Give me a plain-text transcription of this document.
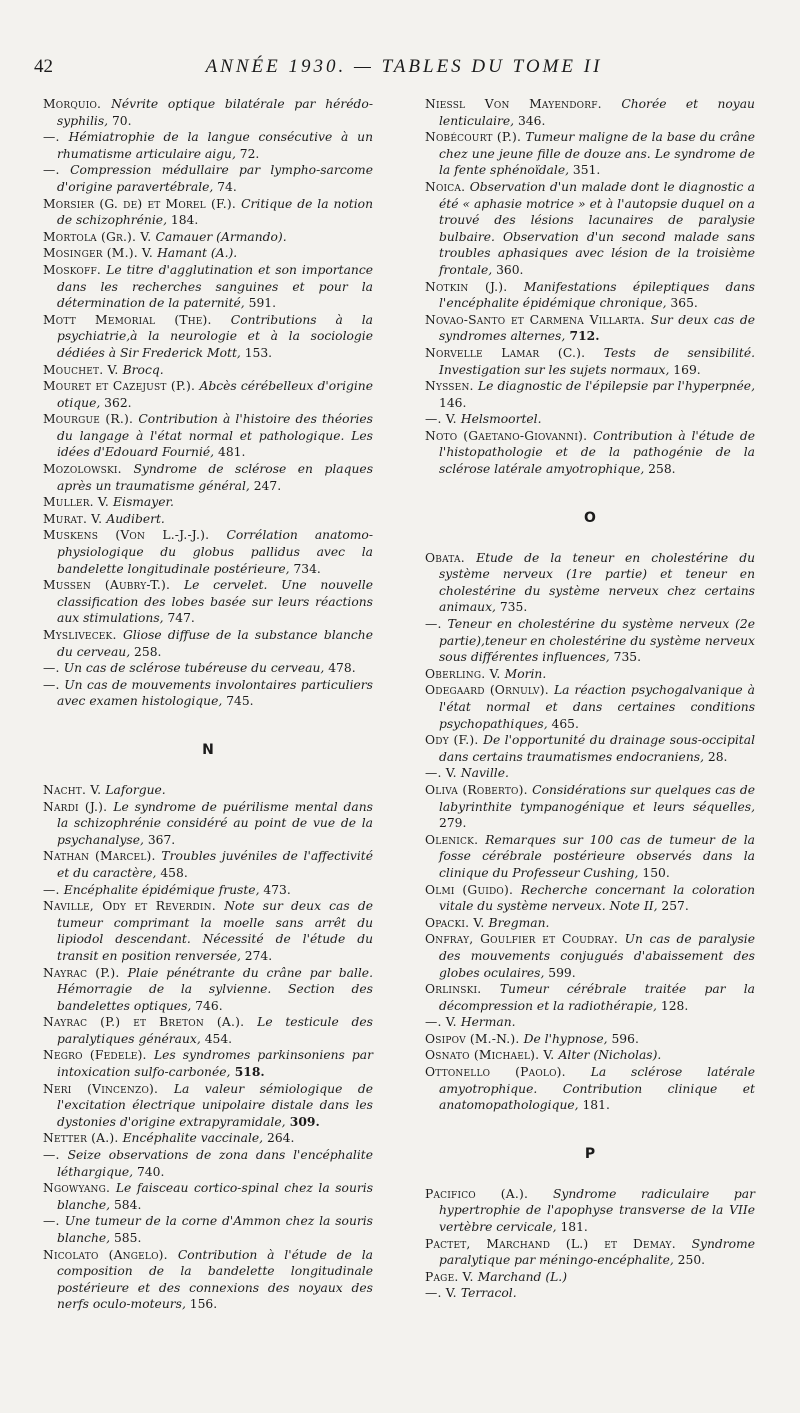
42	ANNÉE 1930. — TABLES DU TOME II

Morquio. Névrite optique bilatérale par hérédo-syphilis, 70.

—. Hémiatrophie de la langue consécutive à un rhumatisme articulaire aigu, 72.

—. Compression médullaire par lympho-sarcome d'origine paravertébrale, 74.

Morsier (G. de) et Morel (F.). Critique de la notion de schizophrénie, 184.

Mortola (Gr.). V. Camauer (Armando).

Mosinger (M.). V. Hamant (A.).

Moskoff. Le titre d'agglutination et son importance dans les recherches sanguines et pour la détermination de la paternité, 591.

Mott Memorial (The). Contributions à la psychiatrie,à la neurologie et à la sociologie dédiées à Sir Frederick Mott, 153.

Mouchet. V. Brocq.

Mouret et Cazejust (P.). Abcès cérébelleux d'origine otique, 362.

Mourgue (R.). Contribution à l'histoire des théories du langage à l'état normal et pathologique. Les idées d'Edouard Fournié, 481.

Mozolowski. Syndrome de sclérose en plaques après un traumatisme général, 247.

Muller. V. Eismayer.

Murat. V. Audibert.

Muskens (Von L.-J.-J.). Corrélation anatomo-physiologique du globus pallidus avec la bandelette longitudinale postérieure, 734.

Mussen (Aubry-T.). Le cervelet. Une nouvelle classification des lobes basée sur leurs réactions aux stimulations, 747.

Myslivecek. Gliose diffuse de la substance blanche du cerveau, 258.

—. Un cas de sclérose tubéreuse du cerveau, 478.

—. Un cas de mouvements involontaires particuliers avec examen histologique, 745.

N

Nacht. V. Laforgue.

Nardi (J.). Le syndrome de puérilisme mental dans la schizophrénie considéré au point de vue de la psychanalyse, 367.

Nathan (Marcel). Troubles juvéniles de l'affectivité et du caractère, 458.

—. Encéphalite épidémique fruste, 473.

Naville, Ody et Reverdin. Note sur deux cas de tumeur comprimant la moelle sans arrêt du lipiodol descendant. Nécessité de l'étude du transit en position renversée, 274.

Nayrac (P.). Plaie pénétrante du crâne par balle. Hémorragie de la sylvienne. Section des bandelettes optiques, 746.

Nayrac (P.) et Breton (A.). Le testicule des paralytiques généraux, 454.

Negro (Fedele). Les syndromes parkinsoniens par intoxication sulfo-carbonée, 518.

Neri (Vincenzo). La valeur sémiologique de l'excitation électrique unipolaire distale dans les dystonies d'origine extrapyramidale, 309.

Netter (A.). Encéphalite vaccinale, 264.

—. Seize observations de zona dans l'encéphalite léthargique, 740.

Ngowyang. Le faisceau cortico-spinal chez la souris blanche, 584.

—. Une tumeur de la corne d'Ammon chez la souris blanche, 585.

Nicolato (Angelo). Contribution à l'étude de la composition de la bandelette longitudinale postérieure et des connexions des noyaux des nerfs oculo-moteurs, 156.

Niessl Von Mayendorf. Chorée et noyau lenticulaire, 346.

Nobécourt (P.). Tumeur maligne de la base du crâne chez une jeune fille de douze ans. Le syndrome de la fente sphénoïdale, 351.

Noica. Observation d'un malade dont le diagnostic a été « aphasie motrice » et à l'autopsie duquel on a trouvé des lésions lacunaires de paralysie bulbaire. Observation d'un second malade sans troubles aphasiques avec lésion de la troisième frontale, 360.

Notkin (J.). Manifestations épileptiques dans l'encéphalite épidémique chronique, 365.

Novao-Santo et Carmena Villarta. Sur deux cas de syndromes alternes, 712.

Norvelle Lamar (C.). Tests de sensibilité. Investigation sur les sujets normaux, 169.

Nyssen. Le diagnostic de l'épilepsie par l'hyperpnée, 146.

—. V. Helsmoortel.

Noto (Gaetano-Giovanni). Contribution à l'étude de l'histopathologie et de la pathogénie de la sclérose latérale amyotrophique, 258.

O

Obata. Etude de la teneur en cholestérine du système nerveux (1re partie) et teneur en cholestérine du système nerveux chez certains animaux, 735.

—. Teneur en cholestérine du système nerveux (2e partie),teneur en cholestérine du système nerveux sous différentes influences, 735.

Oberling. V. Morin.

Odegaard (Ornulv). La réaction psychogalvanique à l'état normal et dans certaines conditions psychopathiques, 465.

Ody (F.). De l'opportunité du drainage sous-occipital dans certains traumatismes endocraniens, 28.

—. V. Naville.

Oliva (Roberto). Considérations sur quelques cas de labyrinthite tympanogénique et leurs séquelles, 279.

Olenick. Remarques sur 100 cas de tumeur de la fosse cérébrale postérieure observés dans la clinique du Professeur Cushing, 150.

Olmi (Guido). Recherche concernant la coloration vitale du système nerveux. Note II, 257.

Opacki. V. Bregman.

Onfray, Goulfier et Coudray. Un cas de paralysie des mouvements conjugués d'abaissement des globes oculaires, 599.

Orlinski. Tumeur cérébrale traitée par la décompression et la radiothérapie, 128.

—. V. Herman.

Osipov (M.-N.). De l'hypnose, 596.

Osnato (Michael). V. Alter (Nicholas).

Ottonello (Paolo). La sclérose latérale amyotrophique. Contribution clinique et anatomopathologique, 181.

P

Pacifico (A.). Syndrome radiculaire par hypertrophie de l'apophyse transverse de la VIIe vertèbre cervicale, 181.

Pactet, Marchand (L.) et Demay. Syndrome paralytique par méningo-encéphalite, 250.

Page. V. Marchand (L.)

—. V. Terracol.
